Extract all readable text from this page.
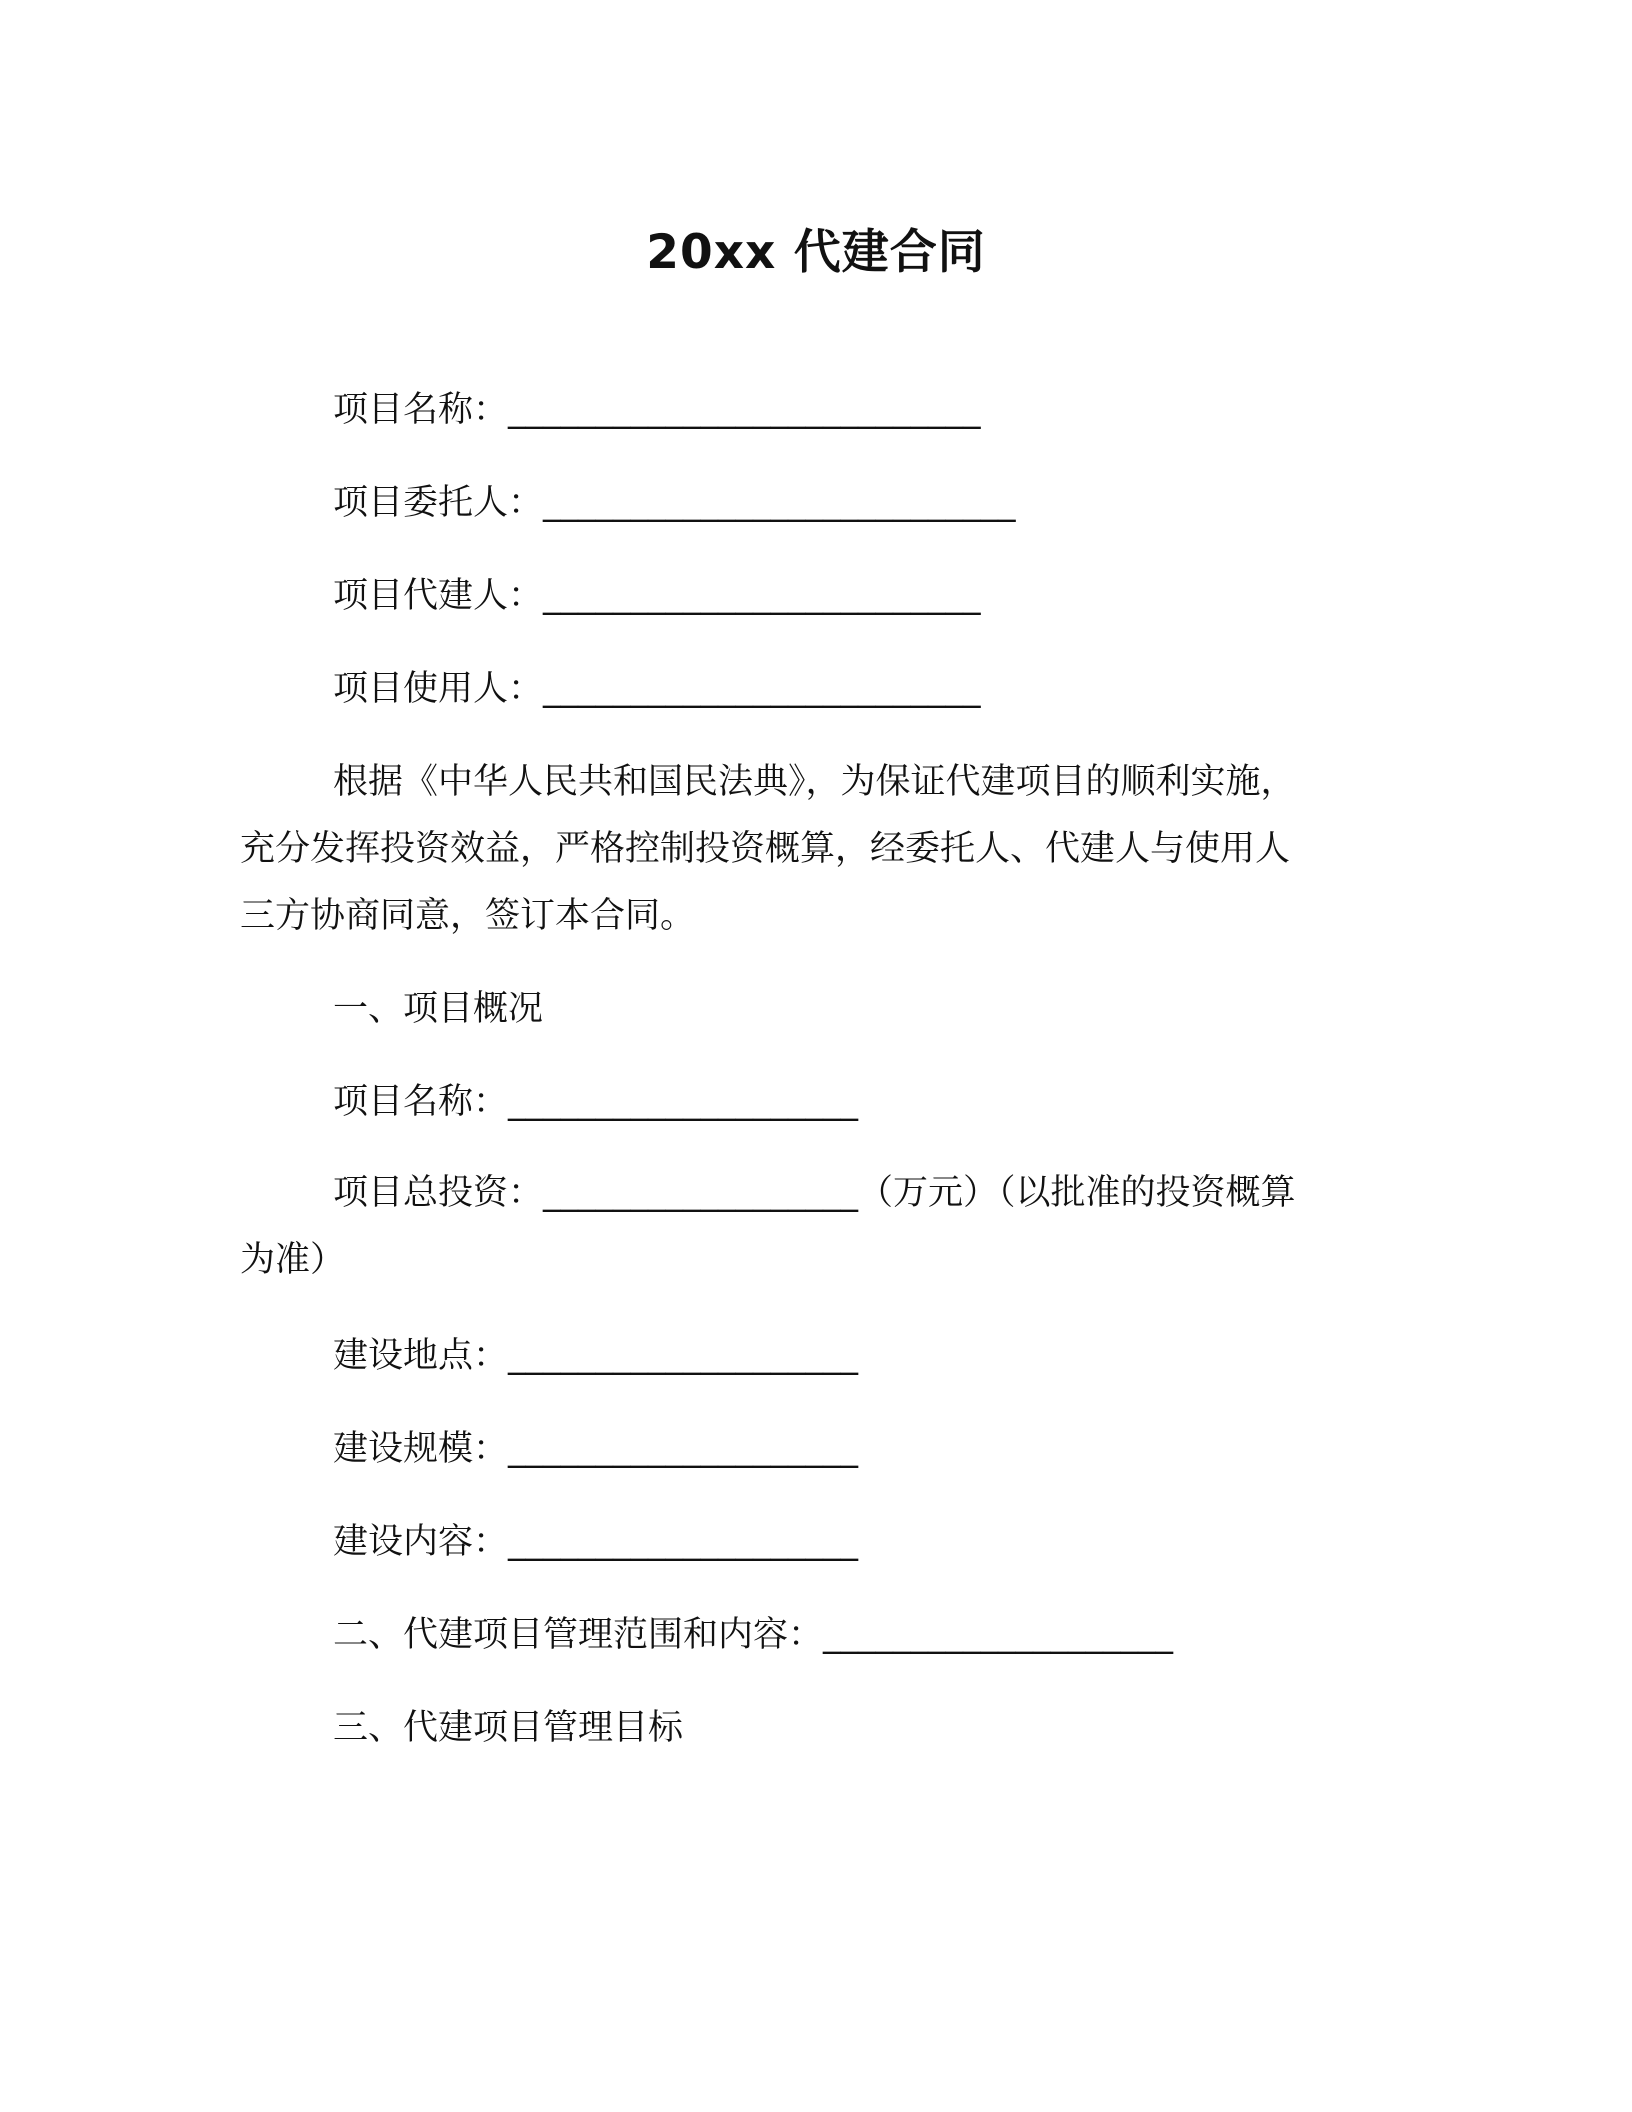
20xx 代建合同
项目名称：___________________________
项目委托人：___________________________
项目代建人：_________________________
项目使用人：_________________________

根据《中华人民共和国民法典》，为保证代建项目的顺利实施，

充分发挥投资效益，严格控制投资概算，经委托人、代建人与使用人

三方协商同意，签订本合同。

一、项目概况
项目名称：____________________

项目总投资：__________________（万元）（以批准的投资概算

为准）

建设地点：____________________
建设规模：____________________
建设内容：____________________
二、代建项目管理范围和内容：____________________
三、代建项目管理目标
